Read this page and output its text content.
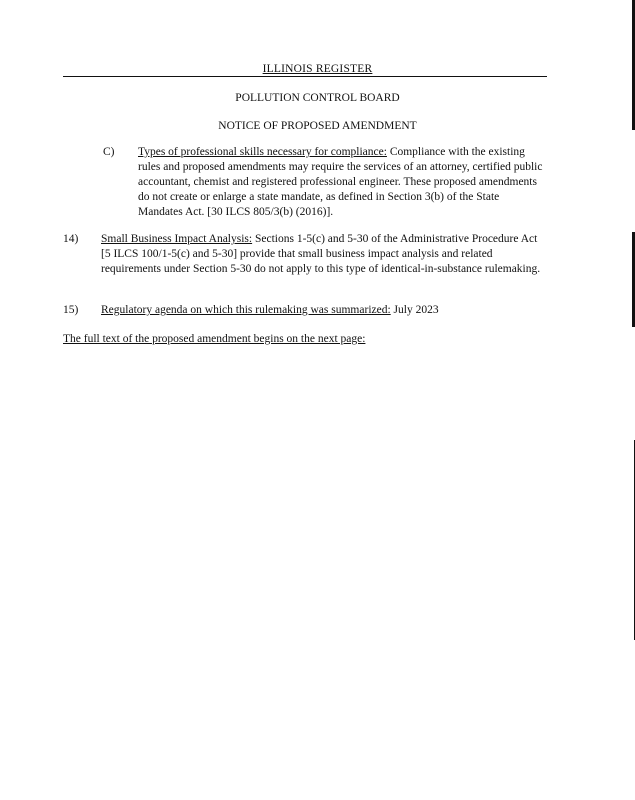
ILLINOIS REGISTER
POLLUTION CONTROL BOARD
NOTICE OF PROPOSED AMENDMENT
C) Types of professional skills necessary for compliance: Compliance with the existing rules and proposed amendments may require the services of an attorney, certified public accountant, chemist and registered professional engineer. These proposed amendments do not create or enlarge a state mandate, as defined in Section 3(b) of the State Mandates Act. [30 ILCS 805/3(b) (2016)].
14) Small Business Impact Analysis: Sections 1-5(c) and 5-30 of the Administrative Procedure Act [5 ILCS 100/1-5(c) and 5-30] provide that small business impact analysis and related requirements under Section 5-30 do not apply to this type of identical-in-substance rulemaking.
15) Regulatory agenda on which this rulemaking was summarized: July 2023
The full text of the proposed amendment begins on the next page:
